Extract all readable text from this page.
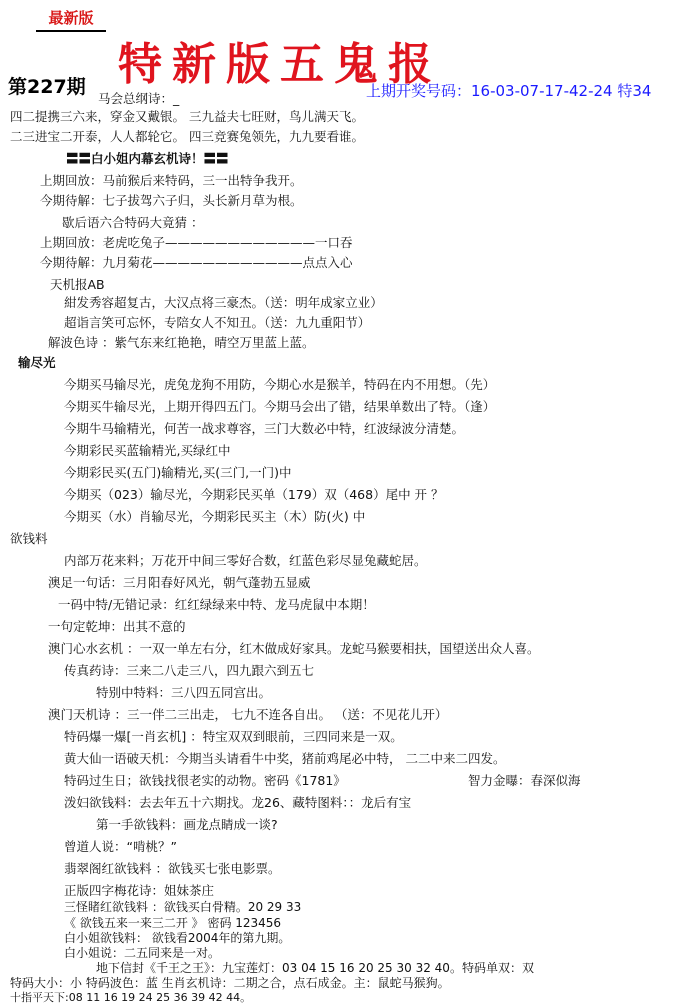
最新版
特新版五鬼报
第227期	上期开奖号码：16-03-07-17-42-24 特34
马会总纲诗：_
四二提携三六来，穿金又戴银。 三九益夫七旺财，鸟儿满天飞。
二三进宝二开泰，人人都轮它。 四三竞赛兔领先，九九要看谁。
〓〓白小姐内幕玄机诗！〓〓
上期回放：马前猴后来特码，三一出特争我开。
今期待解：七子拔驾六子归，头长新月草为根。
歇后语六合特码大竟猜 ：
上期回放：老虎吃兔子————————————一口吞
今期待解：九月菊花————————————点点入心
天机报AB
紺发秀容超复古，大汉点将三豪杰。（送：明年成家立业）
超诣言笑可忘怀，专陪女人不知丑。（送：九九重阳节）
解波色诗 ：紫气东来红艳艳，晴空万里蓝上蓝。
输尽光
今期买马输尽光，虎兔龙狗不用防，今期心水是猴羊，特码在内不用想。（先）
今期买牛输尽光，上期开得四五门。今期马会出了错，结果单数出了特。（逢）
今期牛马输精光，何苦一战求尊容，三门大数必中特，红波绿波分清楚。
今期彩民买蓝输精光,买绿红中
今期彩民买(五门)输精光,买(三门,一门)中
今期买（023）输尽光，今期彩民买单（179）双（468）尾中 开 ？
今期买（水）肖输尽光，今期彩民买主（木）防(火) 中
欲钱料
内部万花来料；万花开中间三零好合数，红蓝色彩尽显兔藏蛇居。
澳足一句话：三月阳春好风光，朝气蓬勃五显威
一码中特/无错记录：红红绿绿来中特、龙马虎鼠中本期！
一句定乾坤：出其不意的
澳门心水玄机 ：一双一单左右分，红木做成好家具。龙蛇马猴要相扶，国望送出众人喜。
传真药诗：三来二八走三八，四九跟六到五七
特别中特料：三八四五同宫出。
澳门天机诗 ：三一伴二三出走， 七九不连各自出。 （送：不见花儿开）
特码爆一爆[一肖玄机] ：特宝双双到眼前，三四同来是一双。
黄大仙一语破天机：今期当头请看牛中奖，猪前鸡尾必中特， 二二中来二四发。
特码过生日；欲钱找很老实的动物。密码《1781》	智力金曝：春深似海
泼妇欲钱料：去去年五十六期找。龙26、藏特图料：：龙后有宝
第一手欲钱料：画龙点睛成一谈?
曾道人说：“啃桃？”
翡翠阁红欲钱料 ：欲钱买七张电影票。
正版四字梅花诗：姐妹茶庄
三怪睹红欲钱料 ：欲钱买白骨精。20 29 33
《 欲钱五来一来三二开 》 密码 123456
白小姐欲钱料： 欲钱看2004年的第九期。
白小姐说：二五同来是一对。
地下信封《千王之王》：九宝莲灯：03 04 15 16 20 25 30 32 40。特码单双：双
特码大小：小 特码波色：蓝 生肖玄机诗：二期之合，点石成金。主：鼠蛇马猴狗。
十指平天下:08 11 16 19 24 25 36 39 42 44。
